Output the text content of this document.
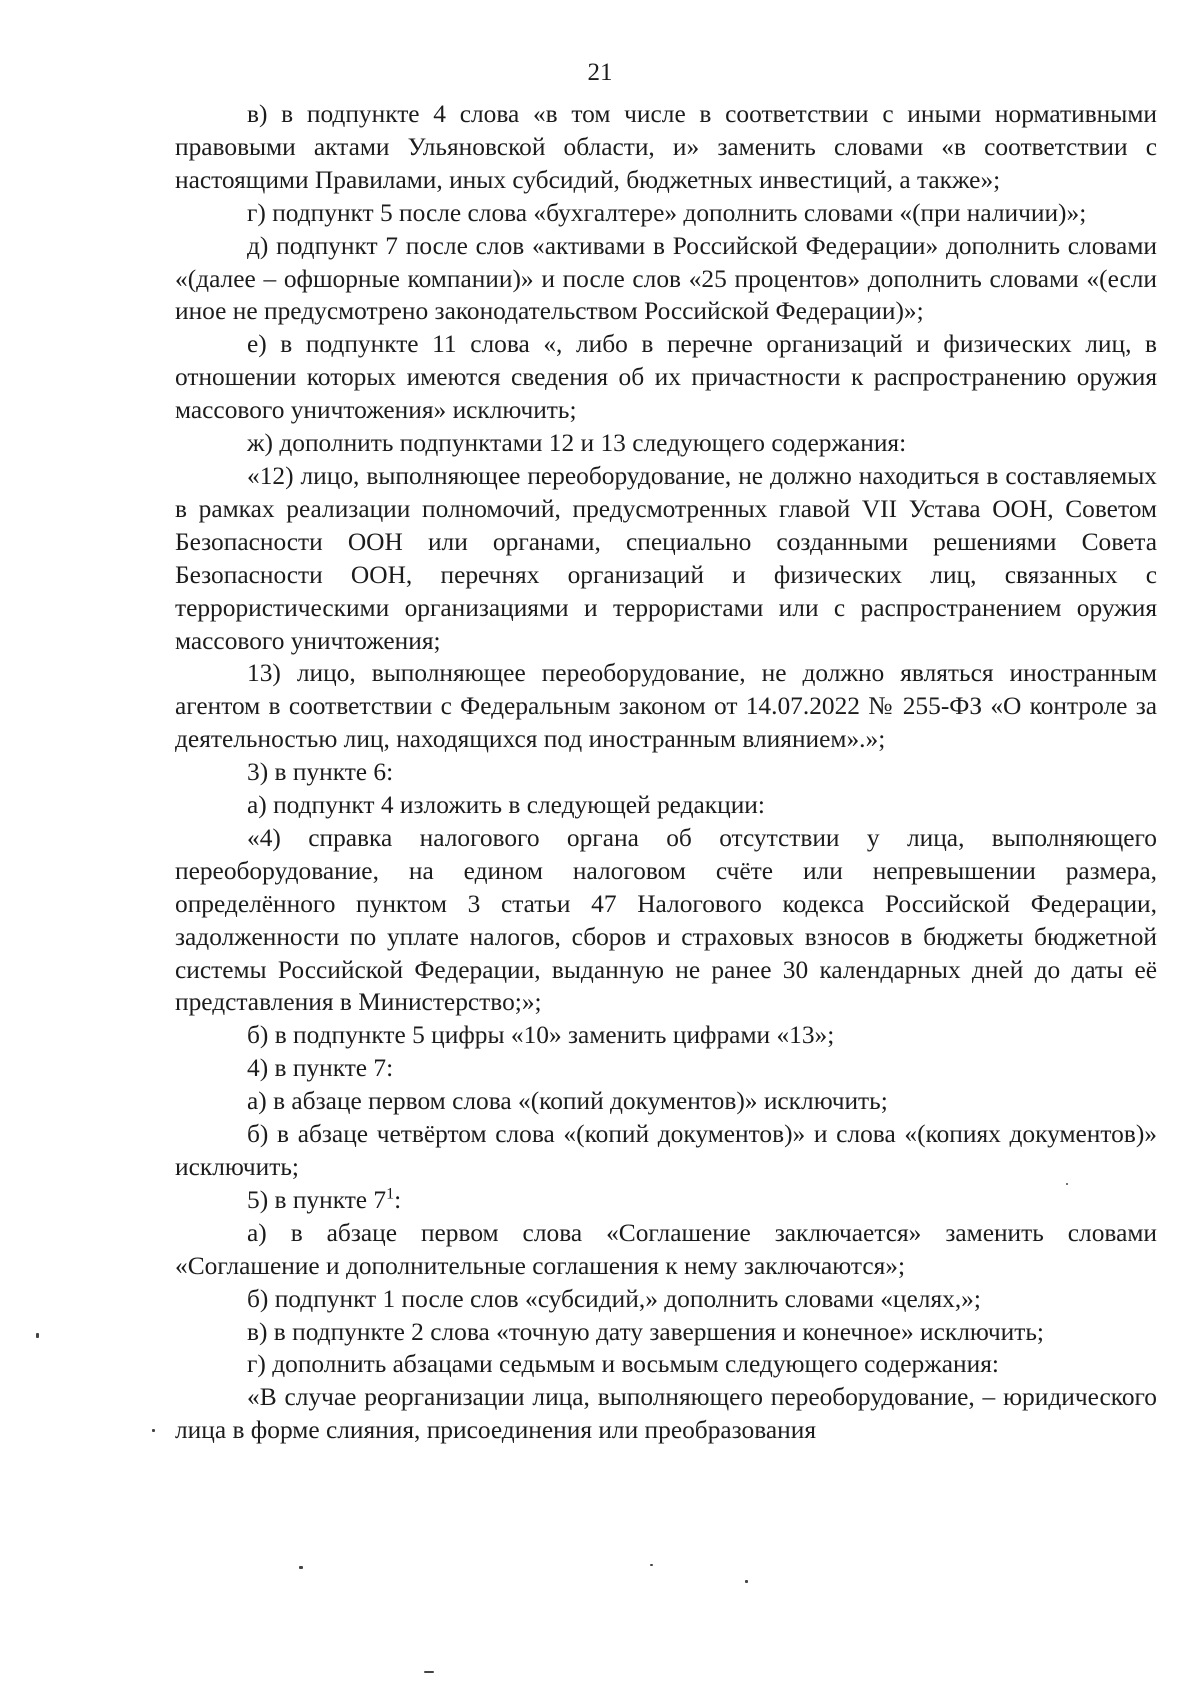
21

в) в подпункте 4 слова «в том числе в соответствии с иными нормативными правовыми актами Ульяновской области, и» заменить словами «в соответствии с настоящими Правилами, иных субсидий, бюджетных инвестиций, а также»;

г) подпункт 5 после слова «бухгалтере» дополнить словами «(при наличии)»;

д) подпункт 7 после слов «активами в Российской Федерации» дополнить словами «(далее – офшорные компании)» и после слов «25 процентов» дополнить словами «(если иное не предусмотрено законодательством Российской Федерации)»;

е) в подпункте 11 слова «, либо в перечне организаций и физических лиц, в отношении которых имеются сведения об их причастности к распространению оружия массового уничтожения» исключить;

ж) дополнить подпунктами 12 и 13 следующего содержания:

«12) лицо, выполняющее переоборудование, не должно находиться в составляемых в рамках реализации полномочий, предусмотренных главой VII Устава ООН, Советом Безопасности ООН или органами, специально созданными решениями Совета Безопасности ООН, перечнях организаций и физических лиц, связанных с террористическими организациями и террористами или с распространением оружия массового уничтожения;

13) лицо, выполняющее переоборудование, не должно являться иностранным агентом в соответствии с Федеральным законом от 14.07.2022 № 255-ФЗ «О контроле за деятельностью лиц, находящихся под иностранным влиянием».»;

3) в пункте 6:

а) подпункт 4 изложить в следующей редакции:

«4) справка налогового органа об отсутствии у лица, выполняющего переоборудование, на едином налоговом счёте или непревышении размера, определённого пунктом 3 статьи 47 Налогового кодекса Российской Федерации, задолженности по уплате налогов, сборов и страховых взносов в бюджеты бюджетной системы Российской Федерации, выданную не ранее 30 календарных дней до даты её представления в Министерство;»;

б) в подпункте 5 цифры «10» заменить цифрами «13»;

4) в пункте 7:

а) в абзаце первом слова «(копий документов)» исключить;

б) в абзаце четвёртом слова «(копий документов)» и слова «(копиях документов)» исключить;

5) в пункте $7^1$:

а) в абзаце первом слова «Соглашение заключается» заменить словами «Соглашение и дополнительные соглашения к нему заключаются»;

б) подпункт 1 после слов «субсидий,» дополнить словами «целях,»;

в) в подпункте 2 слова «точную дату завершения и конечное» исключить;

г) дополнить абзацами седьмым и восьмым следующего содержания:

«В случае реорганизации лица, выполняющего переоборудование, – юридического лица в форме слияния, присоединения или преобразования
